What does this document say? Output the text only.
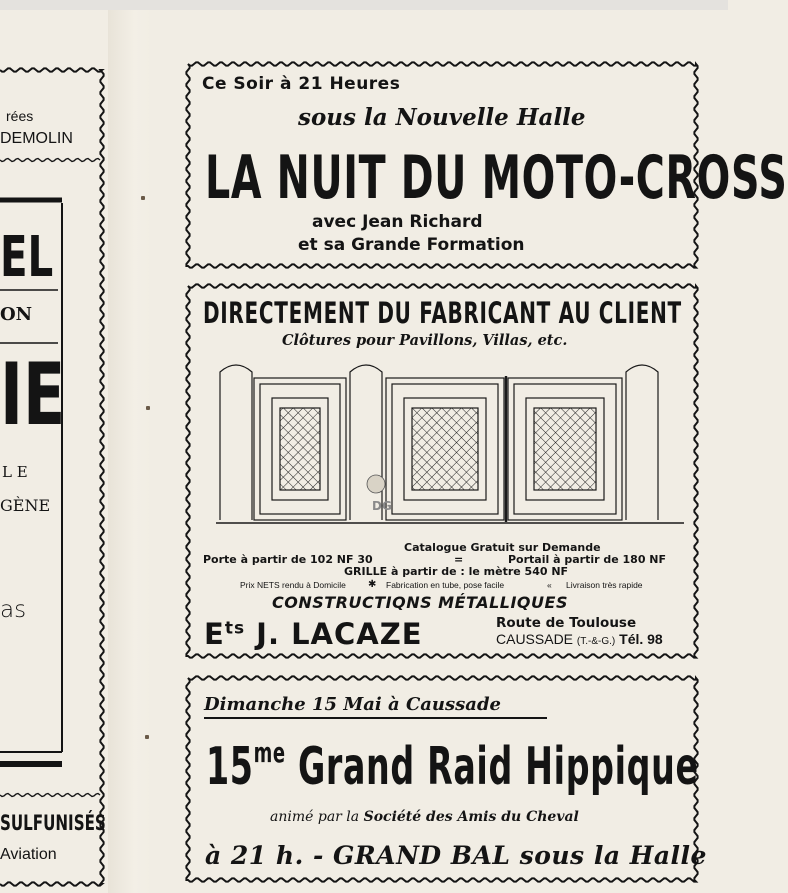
rées
DEMOLIN
EL
ON
IE
L E
GÈNE
as
SULFUNISÉS
Aviation
Ce Soir à 21 Heures
sous la Nouvelle Halle
LA NUIT DU MOTO-CROSS
avec Jean Richard
et sa Grande Formation
DIRECTEMENT DU FABRICANT AU CLIENT
Clôtures pour Pavillons, Villas, etc.
DG
Catalogue Gratuit sur Demande
Porte à partir de 102 NF 30	=	Portail à partir de 180 NF
GRILLE à partir de : le mètre 540 NF
Prix NETS rendu à Domicile ✱ Fabrication en tube, pose facile	« Livraison très rapide
CONSTRUCTIQNS MÉTALLIQUES
$E^{ts}$ J. LACAZE	Route de Toulouse
CAUSSADE (T.-&-G.) Tél. 98
Dimanche 15 Mai à Caussade
$15^{me}$ Grand Raid Hippique
animé par la Société des Amis du Cheval
à 21 h. - GRAND BAL sous la Halle
